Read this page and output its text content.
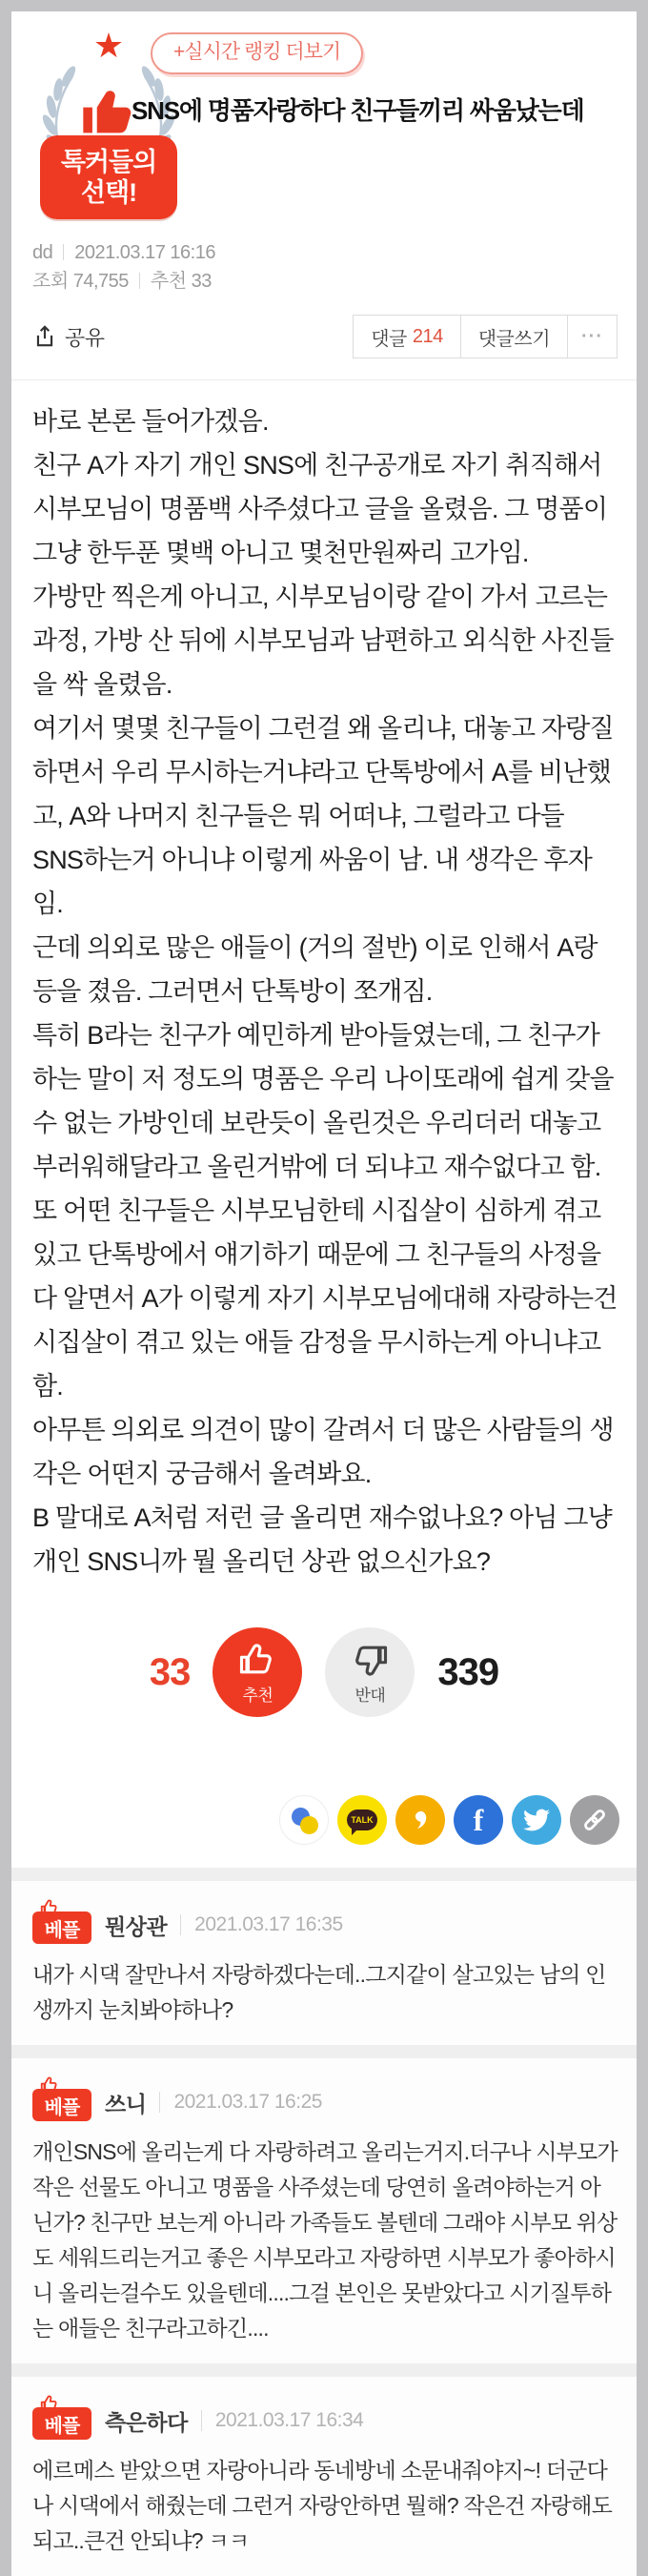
★
톡커들의
선택!
+실시간 랭킹 더보기
SNS에 명품자랑하다 친구들끼리 싸움났는데
dd 2021.03.17 16:16
조회 74,755 추천 33
공유	댓글 214	댓글쓰기	···

바로 본론 들어가겠음.

친구 A가 자기 개인 SNS에 친구공개로 자기 취직해서 시부모님이 명품백 사주셨다고 글을 올렸음. 그 명품이 그냥 한두푼 몇백 아니고 몇천만원짜리 고가임.

가방만 찍은게 아니고, 시부모님이랑 같이 가서 고르는 과정, 가방 산 뒤에 시부모님과 남편하고 외식한 사진들을 싹 올렸음.

여기서 몇몇 친구들이 그런걸 왜 올리냐, 대놓고 자랑질하면서 우리 무시하는거냐라고 단톡방에서 A를 비난했고, A와 나머지 친구들은 뭐 어떠냐, 그럴라고 다들 SNS하는거 아니냐 이렇게 싸움이 남. 내 생각은 후자임.

근데 의외로 많은 애들이 (거의 절반) 이로 인해서 A랑 등을 졌음. 그러면서 단톡방이 쪼개짐.

특히 B라는 친구가 예민하게 받아들였는데, 그 친구가 하는 말이 저 정도의 명품은 우리 나이또래에 쉽게 갖을수 없는 가방인데 보란듯이 올린것은 우리더러 대놓고 부러워해달라고 올린거밖에 더 되냐고 재수없다고 함. 또 어떤 친구들은 시부모님한테 시집살이 심하게 겪고있고 단톡방에서 얘기하기 때문에 그 친구들의 사정을 다 알면서 A가 이렇게 자기 시부모님에대해 자랑하는건 시집살이 겪고 있는 애들 감정을 무시하는게 아니냐고 함.

아무튼 의외로 의견이 많이 갈려서 더 많은 사람들의 생각은 어떤지 궁금해서 올려봐요.

B 말대로 A처럼 저런 글 올리면 재수없나요? 아님 그냥 개인 SNS니까 뭘 올리던 상관 없으신가요?

33
추천	반대
339
TALK	f
베플	뭔상관 2021.03.17 16:35
내가 시댁 잘만나서 자랑하겠다는데..그지같이 살고있는 남의 인생까지 눈치봐야하나?
베플	쓰니 2021.03.17 16:25
개인SNS에 올리는게 다 자랑하려고 올리는거지.더구나 시부모가 작은 선물도 아니고 명품을 사주셨는데 당연히 올려야하는거 아닌가? 친구만 보는게 아니라 가족들도 볼텐데 그래야 시부모 위상도 세워드리는거고 좋은 시부모라고 자랑하면 시부모가 좋아하시니 올리는걸수도 있을텐데....그걸 본인은 못받았다고 시기질투하는 애들은 친구라고하긴....
베플	측은하다 2021.03.17 16:34
에르메스 받았으면 자랑아니라 동네방네 소문내줘야지~! 더군다나 시댁에서 해줬는데 그런거 자랑안하면 뭘해? 작은건 자랑해도되고..큰건 안되냐? ㅋㅋ
